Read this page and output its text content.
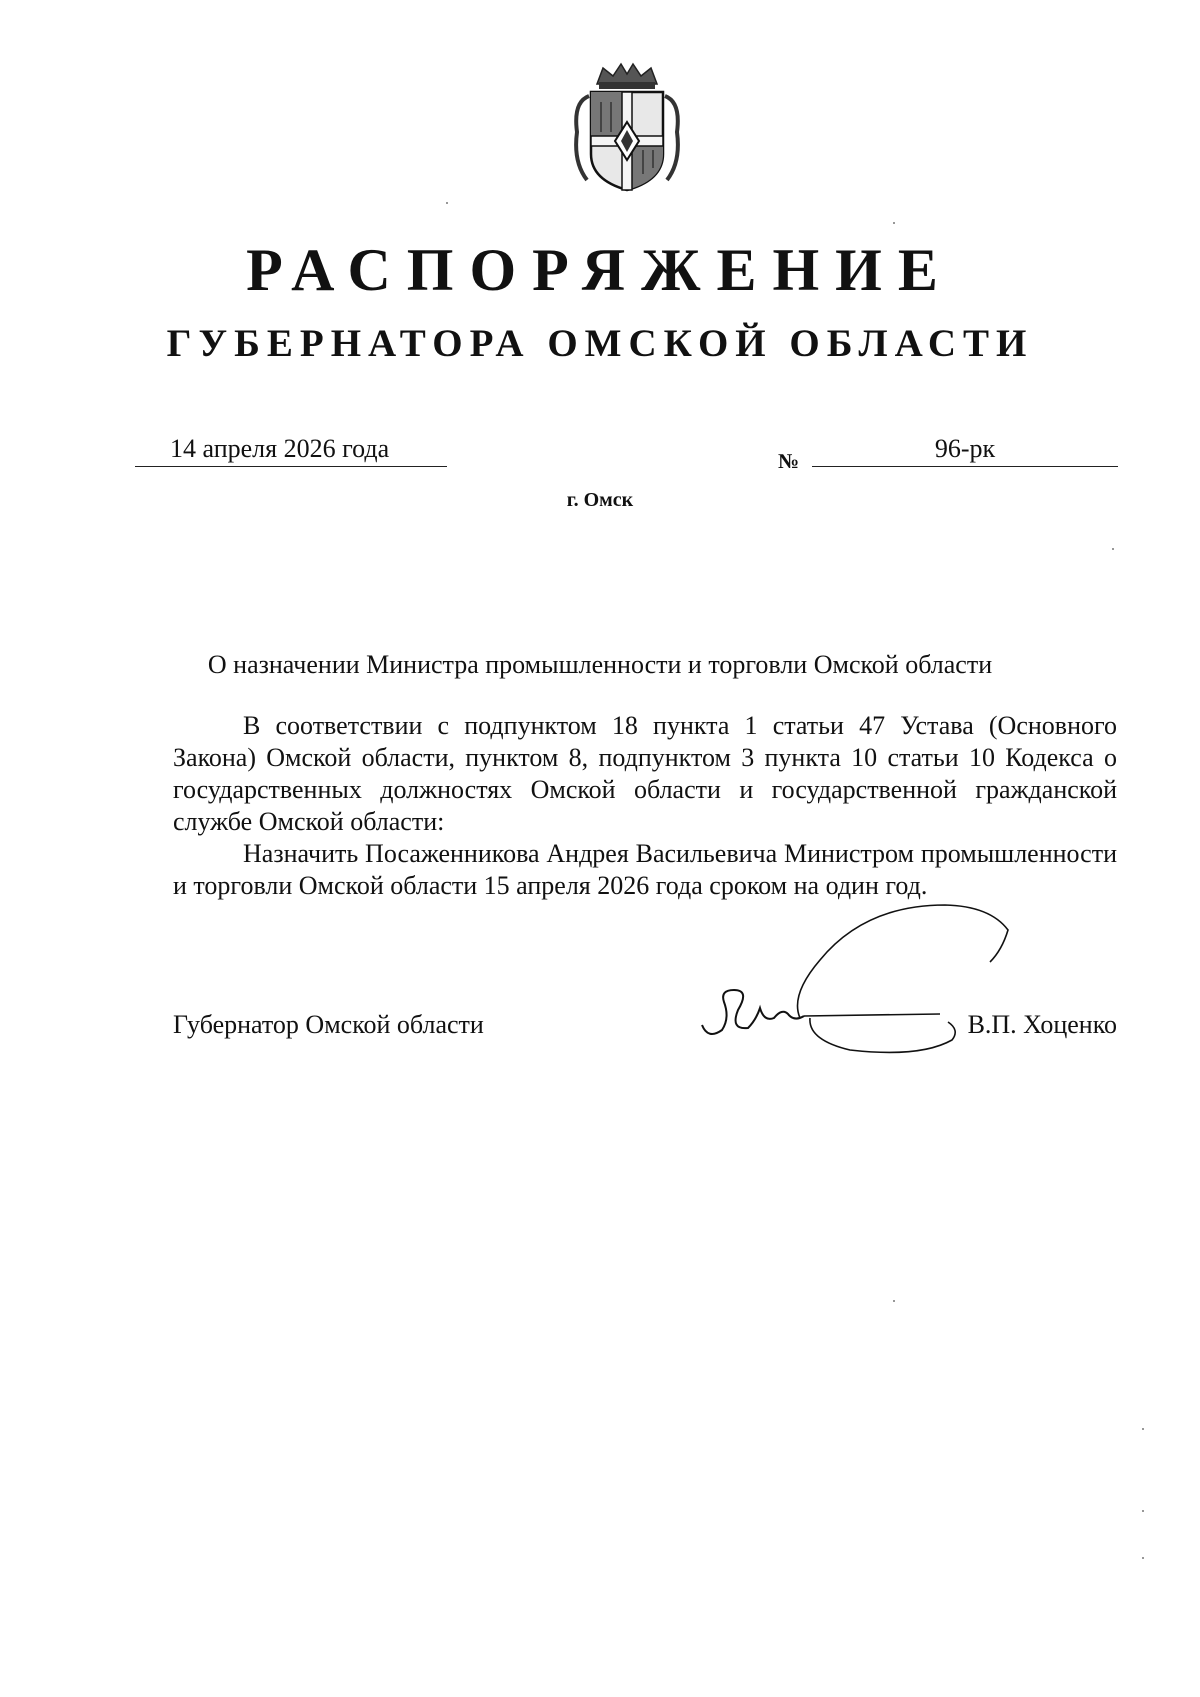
РАСПОРЯЖЕНИЕ
ГУБЕРНАТОРА ОМСКОЙ ОБЛАСТИ
14 апреля 2026 года	№	96-рк
г. Омск
О назначении Министра промышленности и торговли Омской области

В соответствии с подпунктом 18 пункта 1 статьи 47 Устава (Основного Закона) Омской области, пунктом 8, подпунктом 3 пункта 10 статьи 10 Кодекса о государственных должностях Омской области и государственной гражданской службе Омской области:

Назначить Посаженникова Андрея Васильевича Министром промышленности и торговли Омской области 15 апреля 2026 года сроком на один год.

Губернатор Омской области	В.П. Хоценко
